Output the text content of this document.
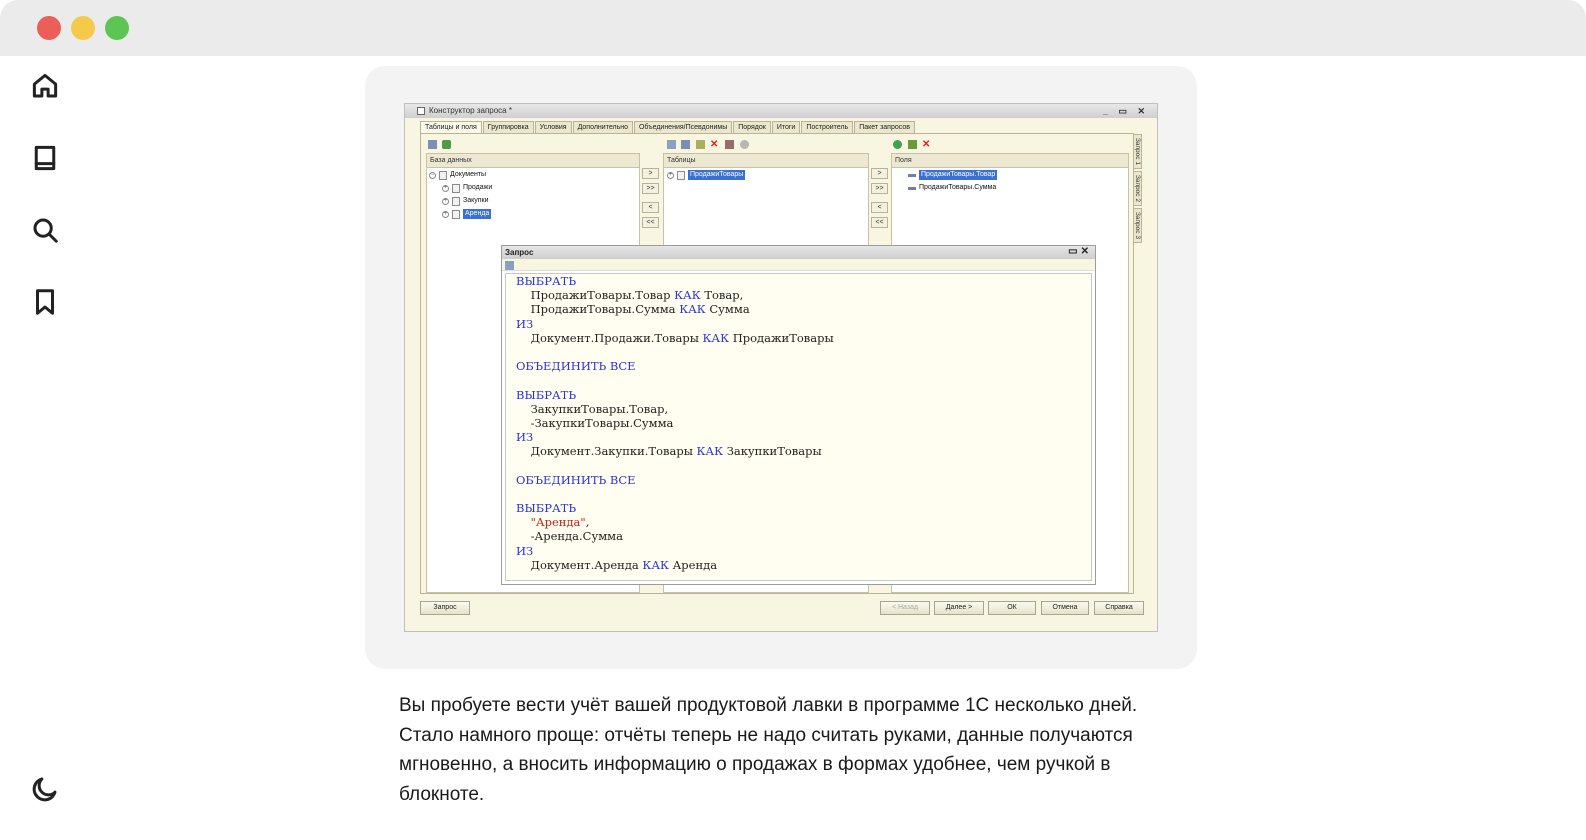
Конструктор запроса *	_ ▭ ✕
Таблицы и поля	Группировка	Условия	Дополнительно	Объединения/Псевдонимы	Порядок	Итоги	Построитель	Пакет запросов
✕	✕
База данных
− Документы
+ Продажи
+ Закупки
+	Аренда
>
>>
<
<<
Таблицы
+	ПродажиТовары	>
>>
<
<<
Поля
ПродажиТовары.Товар
ПродажиТовары.Сумма
Запрос 1
Запрос 2
Запрос 3
Запрос	< Назад	Далее >	ОК	Отмена	Справка
Запрос	▭✕
ВЫБРАТЬ
ПродажиТовары.Товар КАК Товар,
ПродажиТовары.Сумма КАК Сумма
ИЗ
Документ.Продажи.Товары КАК ПродажиТовары
ОБЪЕДИНИТЬ ВСЕ
ВЫБРАТЬ
ЗакупкиТовары.Товар,
-ЗакупкиТовары.Сумма
ИЗ
Документ.Закупки.Товары КАК ЗакупкиТовары
ОБЪЕДИНИТЬ ВСЕ
ВЫБРАТЬ
"Аренда",
-Аренда.Сумма
ИЗ
Документ.Аренда КАК Аренда

Вы пробуете вести учёт вашей продуктовой лавки в программе 1С несколько дней. Стало намного проще: отчёты теперь не надо считать руками, данные получаются мгновенно, а вносить информацию о продажах в формах удобнее, чем ручкой в блокноте.
